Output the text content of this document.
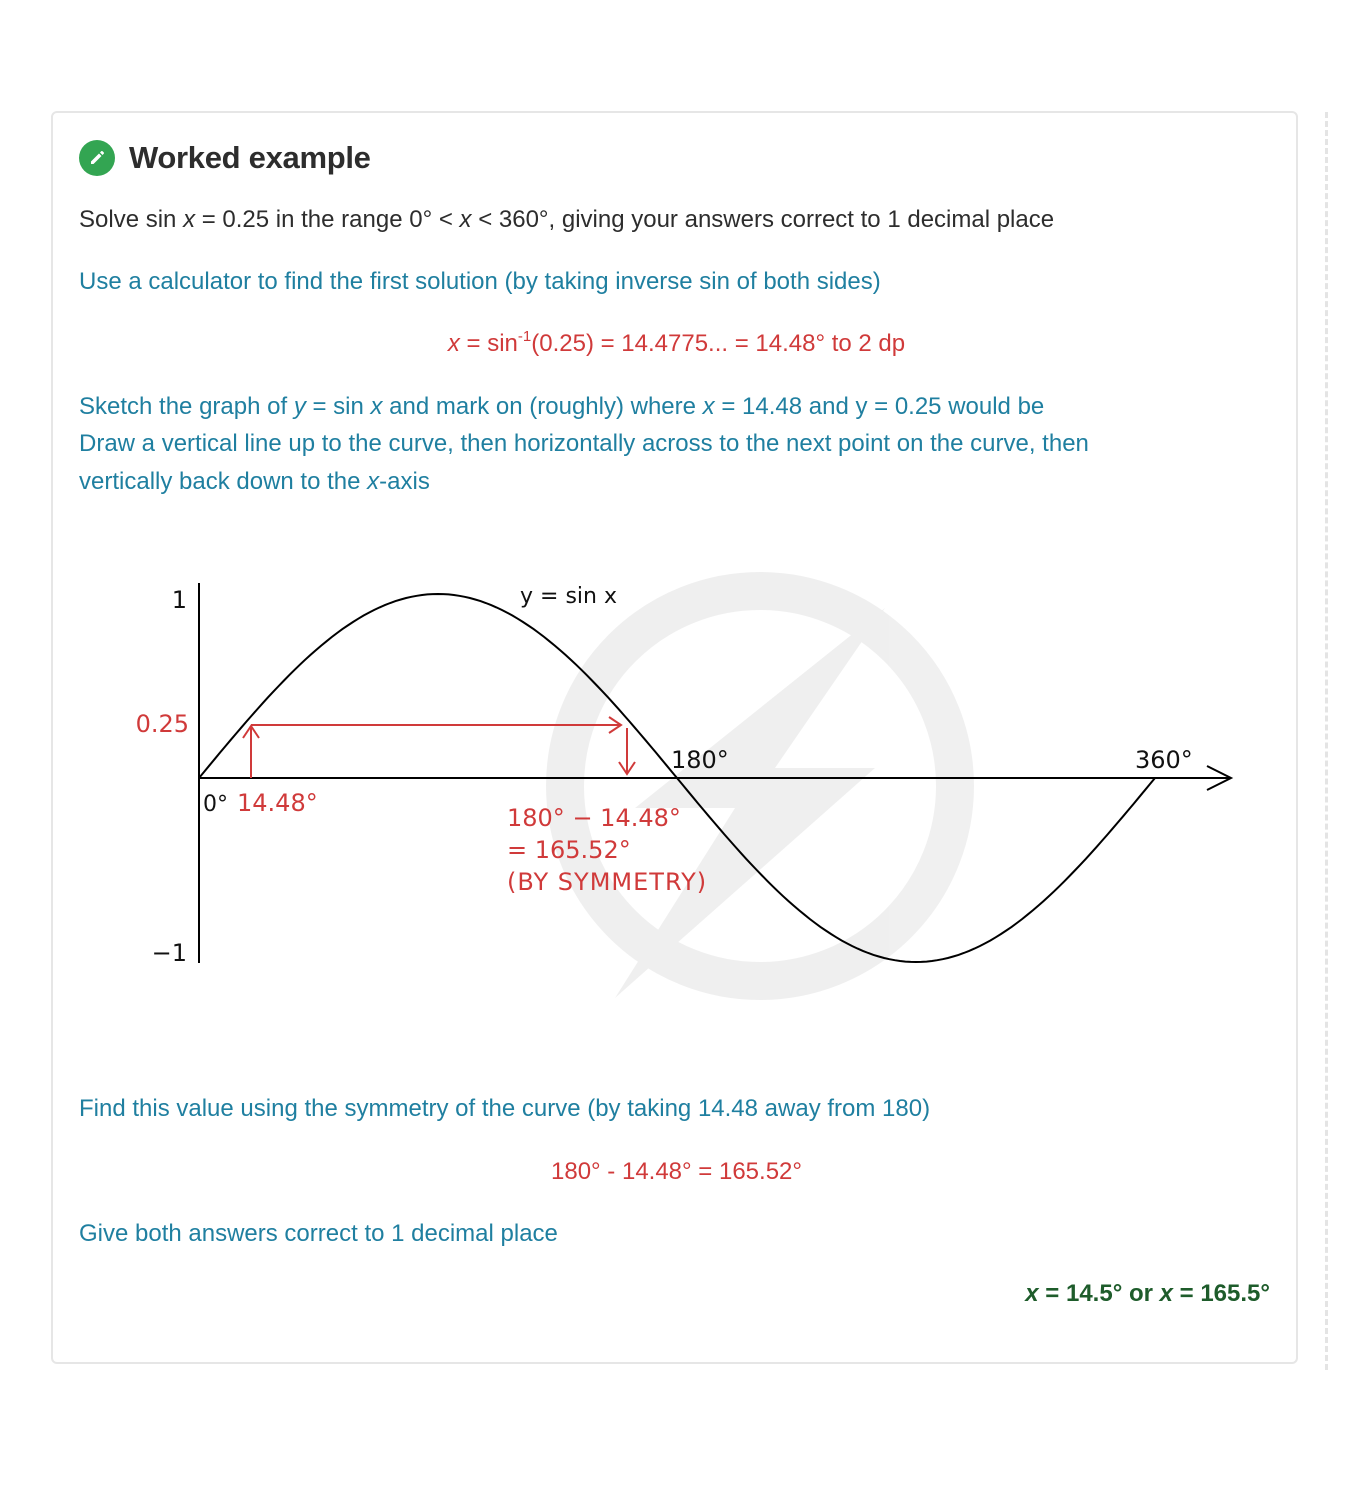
Worked example
Solve sin x = 0.25 in the range 0° < x < 360°, giving your answers correct to 1 decimal place
Use a calculator to find the first solution (by taking inverse sin of both sides)
$x = \sin^{-1}(0.25) = 14.4775$... = 14.48° to 2 dp
Sketch the graph of y = sin x and mark on (roughly) where x = 14.48 and y = 0.25 would be
Draw a vertical line up to the curve, then horizontally across to the next point on the curve, then
vertically back down to the x-axis
y = sin x
1
−1
0.25
0° 14.48°
180°	360°
180° − 14.48°
= 165.52°
(BY SYMMETRY)
Find this value using the symmetry of the curve (by taking 14.48 away from 180)
180° - 14.48° = 165.52°
Give both answers correct to 1 decimal place
x = 14.5° or x = 165.5°
